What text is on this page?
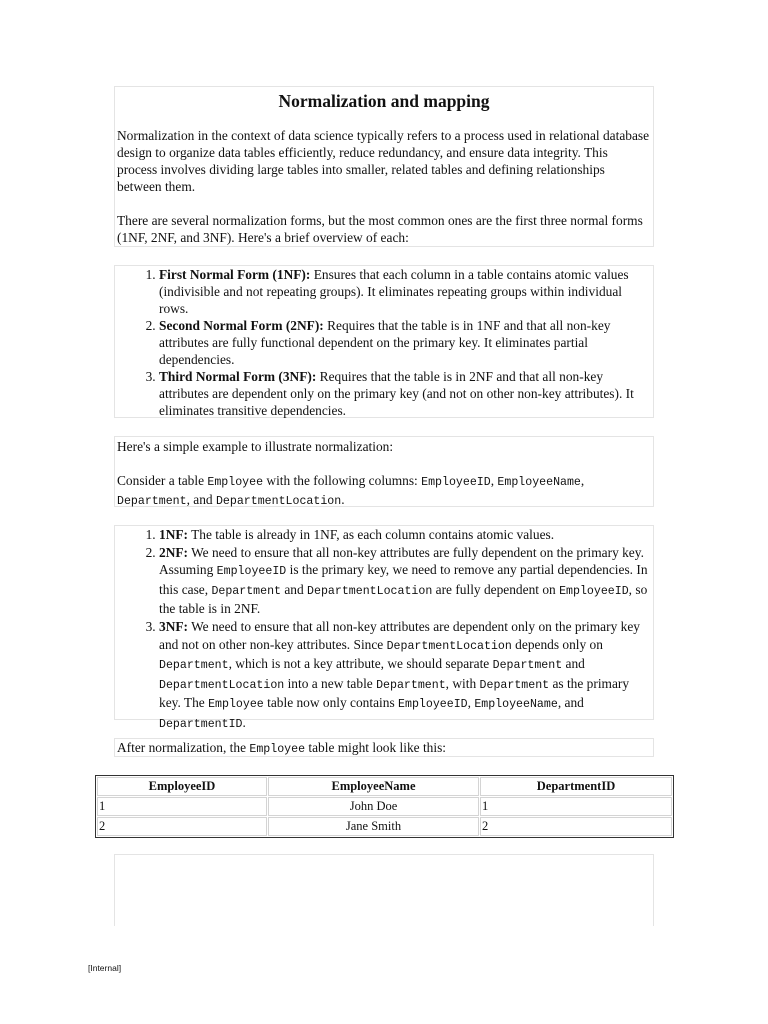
Normalization and mapping

Normalization in the context of data science typically refers to a process used in relational database design to organize data tables efficiently, reduce redundancy, and ensure data integrity. This process involves dividing large tables into smaller, related tables and defining relationships between them.

There are several normalization forms, but the most common ones are the first three normal forms (1NF, 2NF, and 3NF). Here's a brief overview of each:

1. First Normal Form (1NF): Ensures that each column in a table contains atomic values (indivisible and not repeating groups). It eliminates repeating groups within individual rows.
2. Second Normal Form (2NF): Requires that the table is in 1NF and that all non-key attributes are fully functional dependent on the primary key. It eliminates partial dependencies.
3. Third Normal Form (3NF): Requires that the table is in 2NF and that all non-key attributes are dependent only on the primary key (and not on other non-key attributes). It eliminates transitive dependencies.

Here's a simple example to illustrate normalization:

Consider a table Employee with the following columns: EmployeeID, EmployeeName, Department, and DepartmentLocation.

1. 1NF: The table is already in 1NF, as each column contains atomic values.
2. 2NF: We need to ensure that all non-key attributes are fully dependent on the primary key. Assuming EmployeeID is the primary key, we need to remove any partial dependencies. In this case, Department and DepartmentLocation are fully dependent on EmployeeID, so the table is in 2NF.
3. 3NF: We need to ensure that all non-key attributes are dependent only on the primary key and not on other non-key attributes. Since DepartmentLocation depends only on Department, which is not a key attribute, we should separate Department and DepartmentLocation into a new table Department, with Department as the primary key. The Employee table now only contains EmployeeID, EmployeeName, and DepartmentID.

After normalization, the Employee table might look like this:

EmployeeID	EmployeeName	DepartmentID
1	John Doe	1
2	Jane Smith	2
[Internal]
